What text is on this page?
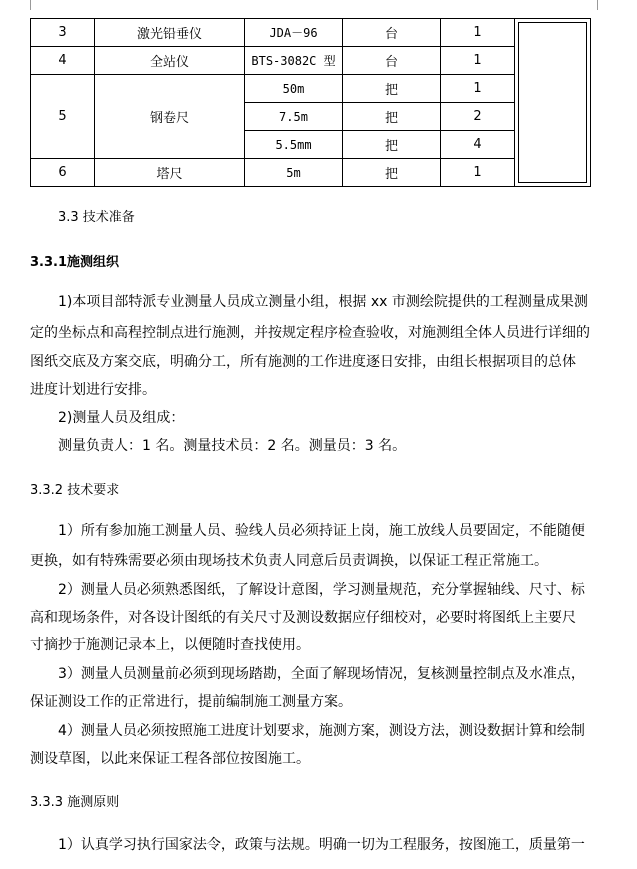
3	激光铅垂仪	JDA－96	台	1	

4	全站仪	BTS-3082C 型	台	1	
5	钢卷尺	50m	把	1	
		7.5m	把	2	
		5.5mm	把	4	
6	塔尺	5m	把	1	
3.3 技术准备
3.3.1施测组织
1)本项目部特派专业测量人员成立测量小组，根据 xx 市测绘院提供的工程测量成果测
定的坐标点和高程控制点进行施测，并按规定程序检查验收，对施测组全体人员进行详细的
图纸交底及方案交底，明确分工，所有施测的工作进度逐日安排，由组长根据项目的总体
进度计划进行安排。
2)测量人员及组成：
测量负责人：1 名。测量技术员：2 名。测量员：3 名。
3.3.2 技术要求
1）所有参加施工测量人员、验线人员必须持证上岗，施工放线人员要固定，不能随便
更换，如有特殊需要必须由现场技术负责人同意后员责调换，以保证工程正常施工。
2）测量人员必须熟悉图纸，了解设计意图，学习测量规范，充分掌握轴线、尺寸、标
高和现场条件，对各设计图纸的有关尺寸及测设数据应仔细校对，必要时将图纸上主要尺
寸摘抄于施测记录本上，以便随时查找使用。
3）测量人员测量前必须到现场踏勘，全面了解现场情况，复核测量控制点及水准点，
保证测设工作的正常进行，提前编制施工测量方案。
4）测量人员必须按照施工进度计划要求，施测方案，测设方法，测设数据计算和绘制
测设草图，以此来保证工程各部位按图施工。
3.3.3 施测原则
1）认真学习执行国家法令，政策与法规。明确一切为工程服务，按图施工，质量第一
